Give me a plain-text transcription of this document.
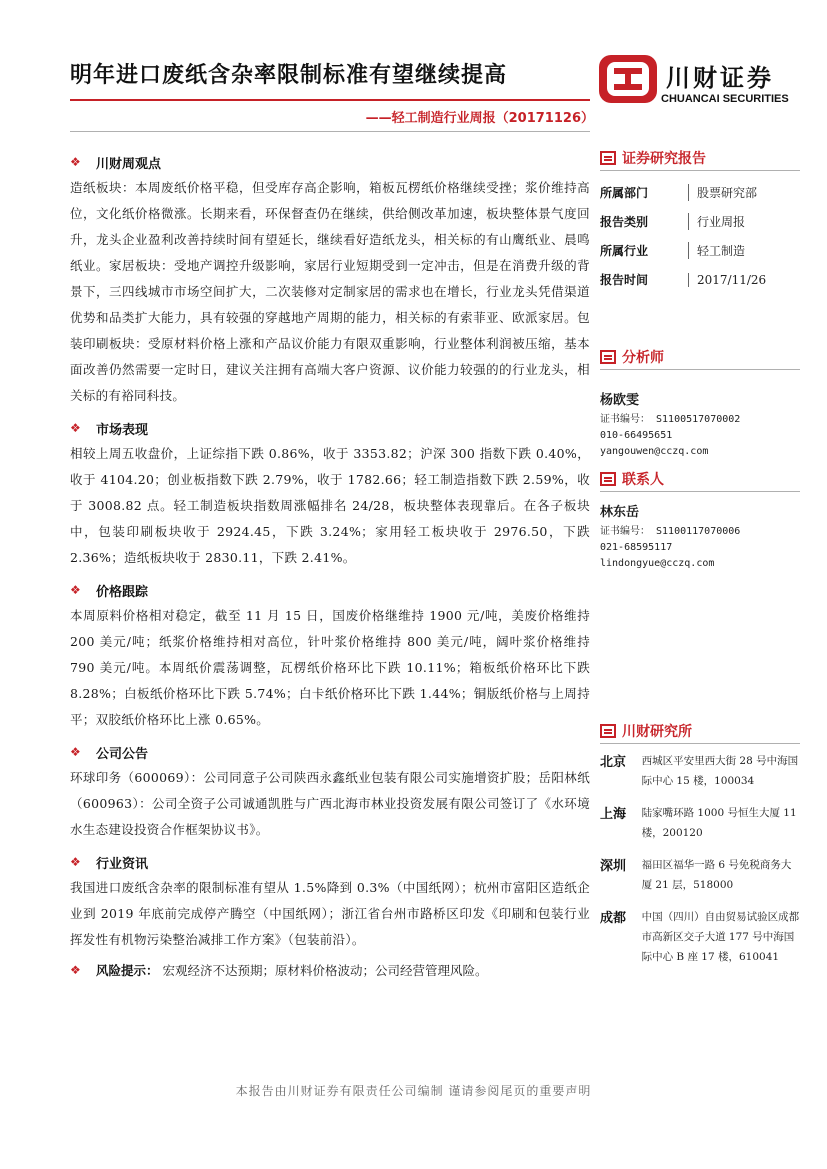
明年进口废纸含杂率限制标准有望继续提高
——轻工制造行业周报（20171126）
川财证券
CHUANCAI SECURITIES
❖	川财周观点

造纸板块：本周废纸价格平稳，但受库存高企影响，箱板瓦楞纸价格继续受挫；浆价维持高位，文化纸价格微涨。长期来看，环保督查仍在继续，供给侧改革加速，板块整体景气度回升，龙头企业盈利改善持续时间有望延长，继续看好造纸龙头，相关标的有山鹰纸业、晨鸣纸业。家居板块：受地产调控升级影响，家居行业短期受到一定冲击，但是在消费升级的背景下，三四线城市市场空间扩大，二次装修对定制家居的需求也在增长，行业龙头凭借渠道优势和品类扩大能力，具有较强的穿越地产周期的能力，相关标的有索菲亚、欧派家居。包装印刷板块：受原材料价格上涨和产品议价能力有限双重影响，行业整体利润被压缩，基本面改善仍然需要一定时日，建议关注拥有高端大客户资源、议价能力较强的的行业龙头，相关标的有裕同科技。

❖	市场表现

相较上周五收盘价，上证综指下跌 0.86%，收于 3353.82；沪深 300 指数下跌 0.40%，收于 4104.20；创业板指数下跌 2.79%，收于 1782.66；轻工制造指数下跌 2.59%，收于 3008.82 点。轻工制造板块指数周涨幅排名 24/28，板块整体表现靠后。在各子板块中，包装印刷板块收于 2924.45，下跌 3.24%；家用轻工板块收于 2976.50，下跌 2.36%；造纸板块收于 2830.11，下跌 2.41%。

❖	价格跟踪

本周原料价格相对稳定，截至 11 月 15 日，国废价格继维持 1900 元/吨，美废价格维持 200 美元/吨；纸浆价格维持相对高位，针叶浆价格维持 800 美元/吨，阔叶浆价格维持 790 美元/吨。本周纸价震荡调整，瓦楞纸价格环比下跌 10.11%；箱板纸价格环比下跌 8.28%；白板纸价格环比下跌 5.74%；白卡纸价格环比下跌 1.44%；铜版纸价格与上周持平；双胶纸价格环比上涨 0.65%。

❖	公司公告

环球印务（600069）：公司同意子公司陕西永鑫纸业包装有限公司实施增资扩股；岳阳林纸（600963）：公司全资子公司诚通凯胜与广西北海市林业投资发展有限公司签订了《水环境水生态建设投资合作框架协议书》。

❖	行业资讯

我国进口废纸含杂率的限制标准有望从 1.5%降到 0.3%（中国纸网）；杭州市富阳区造纸企业到 2019 年底前完成停产腾空（中国纸网）；浙江省台州市路桥区印发《印刷和包装行业挥发性有机物污染整治减排工作方案》（包装前沿）。

❖	风险提示： 宏观经济不达预期；原材料价格波动；公司经营管理风险。
证券研究报告
所属部门	股票研究部
报告类别	行业周报
所属行业	轻工制造
报告时间	2017/11/26
分析师
杨欧雯
证书编号： S1100517070002
010-66495651
yangouwen@cczq.com
联系人
林东岳
证书编号： S1100117070006
021-68595117
lindongyue@cczq.com
川财研究所
北京	西城区平安里西大街 28 号中海国际中心 15 楼，100034
上海	陆家嘴环路 1000 号恒生大厦 11 楼，200120
深圳	福田区福华一路 6 号免税商务大厦 21 层，518000
成都	中国（四川）自由贸易试验区成都市高新区交子大道 177 号中海国际中心 B 座 17 楼，610041
本报告由川财证券有限责任公司编制 谨请参阅尾页的重要声明
